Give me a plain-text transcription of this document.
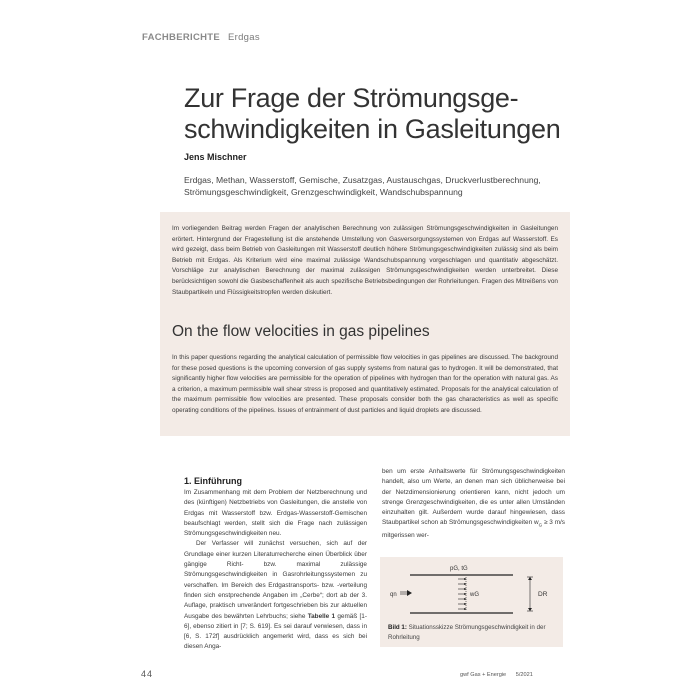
FACHBERICHTE Erdgas
Zur Frage der Strömungsge-
schwindigkeiten in Gasleitungen
Jens Mischner
Erdgas, Methan, Wasserstoff, Gemische, Zusatzgas, Austauschgas, Druckverlustberechnung, Strömungsgeschwindigkeit, Grenzgeschwindigkeit, Wandschubspannung
Im vorliegenden Beitrag werden Fragen der analytischen Berechnung von zulässigen Strömungsgeschwindigkeiten in Gasleitungen erörtert. Hintergrund der Fragestellung ist die anstehende Umstellung von Gasversorgungssystemen von Erdgas auf Wasserstoff. Es wird gezeigt, dass beim Betrieb von Gasleitungen mit Wasserstoff deutlich höhere Strömungsgeschwindigkeiten zulässig sind als beim Betrieb mit Erdgas. Als Kriterium wird eine maximal zulässige Wandschubspannung vorgeschlagen und quantitativ abgeschätzt. Vorschläge zur analytischen Berechnung der maximal zulässigen Strömungsgeschwindigkeiten werden unterbreitet. Diese berücksichtigen sowohl die Gasbeschaffenheit als auch spezifische Betriebsbedingungen der Rohrleitungen. Fragen des Mitreißens von Staubpartikeln und Flüssigkeitstropfen werden diskutiert.
On the flow velocities in gas pipelines
In this paper questions regarding the analytical calculation of permissible flow velocities in gas pipelines are discussed. The background for these posed questions is the upcoming conversion of gas supply systems from natural gas to hydrogen. It will be demonstrated, that significantly higher flow velocities are permissible for the operation of pipelines with hydrogen than for the operation with natural gas. As a criterion, a maximum permissible wall shear stress is proposed and quantitatively estimated. Proposals for the analytical calculation of the maximum permissible flow velocities are presented. These proposals consider both the gas characteristics as well as specific operating conditions of the pipelines. Issues of entrainment of dust particles and liquid droplets are discussed.
1. Einführung

Im Zusammenhang mit dem Problem der Netzberechnung und des (künftigen) Netzbetriebs von Gasleitungen, die anstelle von Erdgas mit Wasserstoff bzw. Erdgas-Wasserstoff-Gemischen beaufschlagt werden, stellt sich die Frage nach zulässigen Strömungsgeschwindigkeiten neu.

Der Verfasser will zunächst versuchen, sich auf der Grundlage einer kurzen Literaturrecherche einen Überblick über gängige Richt- bzw. maximal zulässige Strömungsgeschwindigkeiten in Gasrohrleitungssystemen zu verschaffen. Im Bereich des Erdgastransports- bzw. -verteilung finden sich enstprechende Angaben im „Cerbe“; dort ab der 3. Auflage, praktisch unverändert fortgeschrieben bis zur aktuellen Ausgabe des bewährten Lehrbuchs; siehe Tabelle 1 gemäß [1-6], ebenso zitiert in [7; S. 619]. Es sei darauf verwiesen, dass in [6, S. 172f] ausdrücklich angemerkt wird, dass es sich bei diesen Anga-

ben um erste Anhaltswerte für Strömungsgeschwindigkeiten handelt, also um Werte, an denen man sich üblicherweise bei der Netzdimensionierung orientieren kann, nicht jedoch um strenge Grenzgeschwindigkeiten, die es unter allen Umständen einzuhalten gilt. Außerdem wurde darauf hingewiesen, dass Staubpartikel schon ab Strömungsgeschwindigkeiten $w_G \ge 3$ m/s mitgerissen wer-

pG, tG
wG
qn	DR
Bild 1: Situationsskizze Strömungsgeschwindigkeit in der Rohrleitung
44	gwf Gas + Energie 5/2021
